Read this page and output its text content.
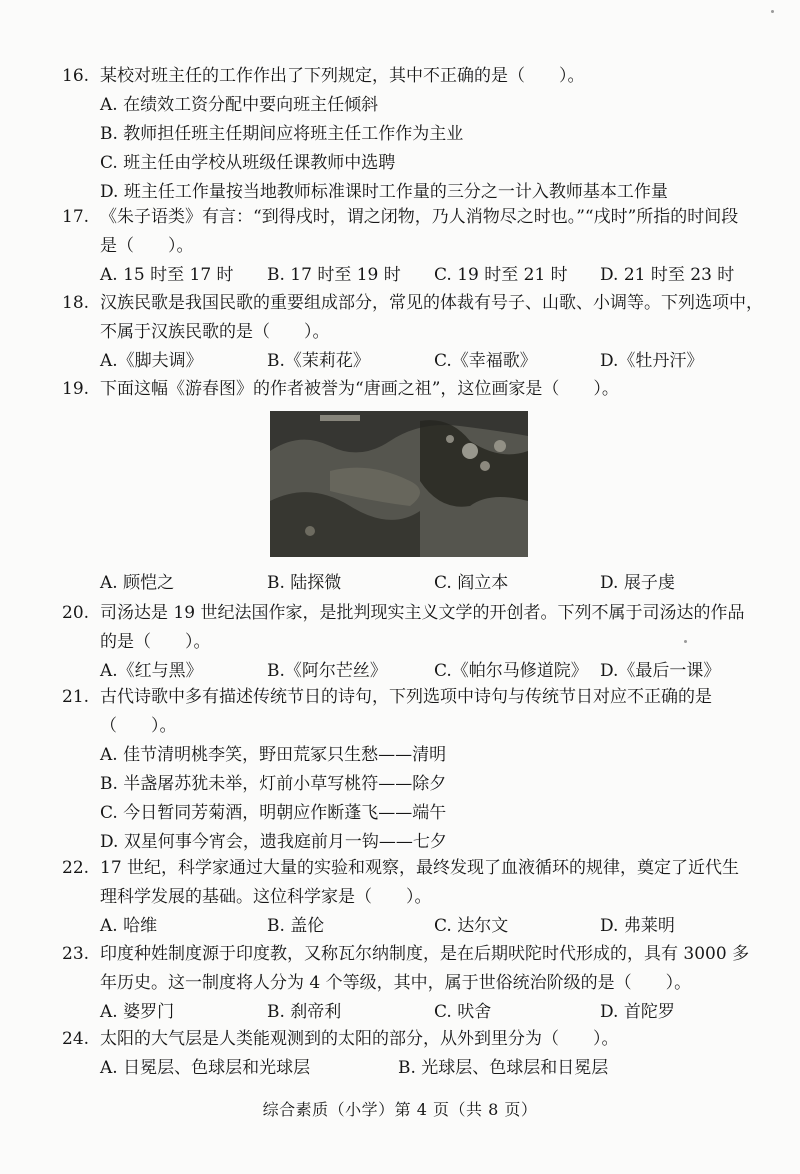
16. 某校对班主任的工作作出了下列规定，其中不正确的是（　　）。
A. 在绩效工资分配中要向班主任倾斜
B. 教师担任班主任期间应将班主任工作作为主业
C. 班主任由学校从班级任课教师中选聘
D. 班主任工作量按当地教师标准课时工作量的三分之一计入教师基本工作量
17. 《朱子语类》有言：“到得戌时，谓之闭物，乃人消物尽之时也。”“戌时”所指的时间段
是（　　）。
A. 15 时至 17 时	B. 17 时至 19 时	C. 19 时至 21 时	D. 21 时至 23 时
18. 汉族民歌是我国民歌的重要组成部分，常见的体裁有号子、山歌、小调等。下列选项中，
不属于汉族民歌的是（　　）。
A.《脚夫调》	B.《茉莉花》	C.《幸福歌》	D.《牡丹汗》
19. 下面这幅《游春图》的作者被誉为“唐画之祖”，这位画家是（　　）。
A. 顾恺之	B. 陆探微	C. 阎立本	D. 展子虔
20. 司汤达是 19 世纪法国作家，是批判现实主义文学的开创者。下列不属于司汤达的作品
的是（　　）。
A.《红与黑》	B.《阿尔芒丝》	C.《帕尔马修道院》 D.《最后一课》
21. 古代诗歌中多有描述传统节日的诗句，下列选项中诗句与传统节日对应不正确的是
（　　）。
A. 佳节清明桃李笑，野田荒冢只生愁——清明
B. 半盏屠苏犹未举，灯前小草写桃符——除夕
C. 今日暂同芳菊酒，明朝应作断蓬飞——端午
D. 双星何事今宵会，遗我庭前月一钩——七夕
22. 17 世纪，科学家通过大量的实验和观察，最终发现了血液循环的规律，奠定了近代生
理科学发展的基础。这位科学家是（　　）。
A. 哈维	B. 盖伦	C. 达尔文	D. 弗莱明
23. 印度种姓制度源于印度教，又称瓦尔纳制度，是在后期吠陀时代形成的，具有 3000 多
年历史。这一制度将人分为 4 个等级，其中，属于世俗统治阶级的是（　　）。
A. 婆罗门	B. 刹帝利	C. 吠舍	D. 首陀罗
24. 太阳的大气层是人类能观测到的太阳的部分，从外到里分为（　　）。
A. 日冕层、色球层和光球层	B. 光球层、色球层和日冕层
综合素质（小学）第 4 页（共 8 页）
